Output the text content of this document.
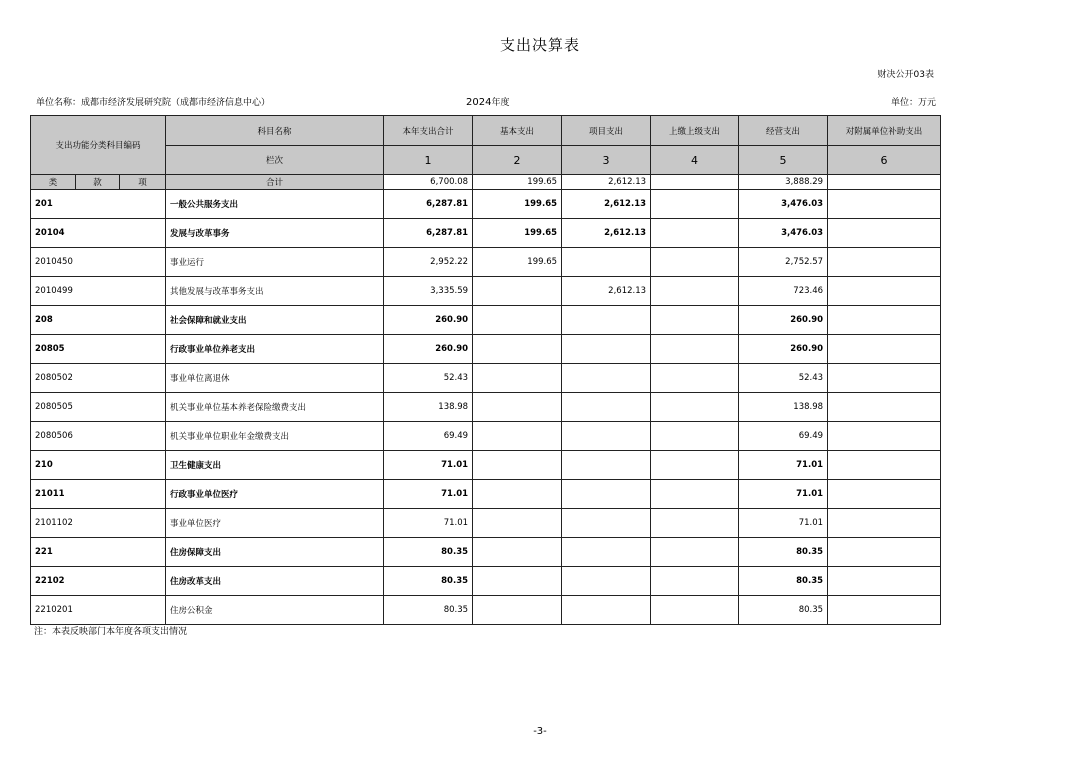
支出决算表
财决公开03表
单位名称：成都市经济发展研究院（成都市经济信息中心）	2024年度	单位：万元
支出功能分类科目编码			科目名称	本年支出合计	基本支出	项目支出	上缴上级支出	经营支出	对附属单位补助支出
			栏次	1	2	3	4	5	6
类	款	项	合计	6,700.08	199.65	2,612.13		3,888.29	
201			一般公共服务支出	6,287.81	199.65	2,612.13		3,476.03	
20104			发展与改革事务	6,287.81	199.65	2,612.13		3,476.03	
2010450			事业运行	2,952.22	199.65			2,752.57	
2010499			其他发展与改革事务支出	3,335.59		2,612.13		723.46	
208			社会保障和就业支出	260.90				260.90	
20805			行政事业单位养老支出	260.90				260.90	
2080502			事业单位离退休	52.43				52.43	
2080505			机关事业单位基本养老保险缴费支出	138.98				138.98	
2080506			机关事业单位职业年金缴费支出	69.49				69.49	
210			卫生健康支出	71.01				71.01	
21011			行政事业单位医疗	71.01				71.01	
2101102			事业单位医疗	71.01				71.01	
221			住房保障支出	80.35				80.35	
22102			住房改革支出	80.35				80.35	
2210201			住房公积金	80.35				80.35	
注：本表反映部门本年度各项支出情况
-3-
